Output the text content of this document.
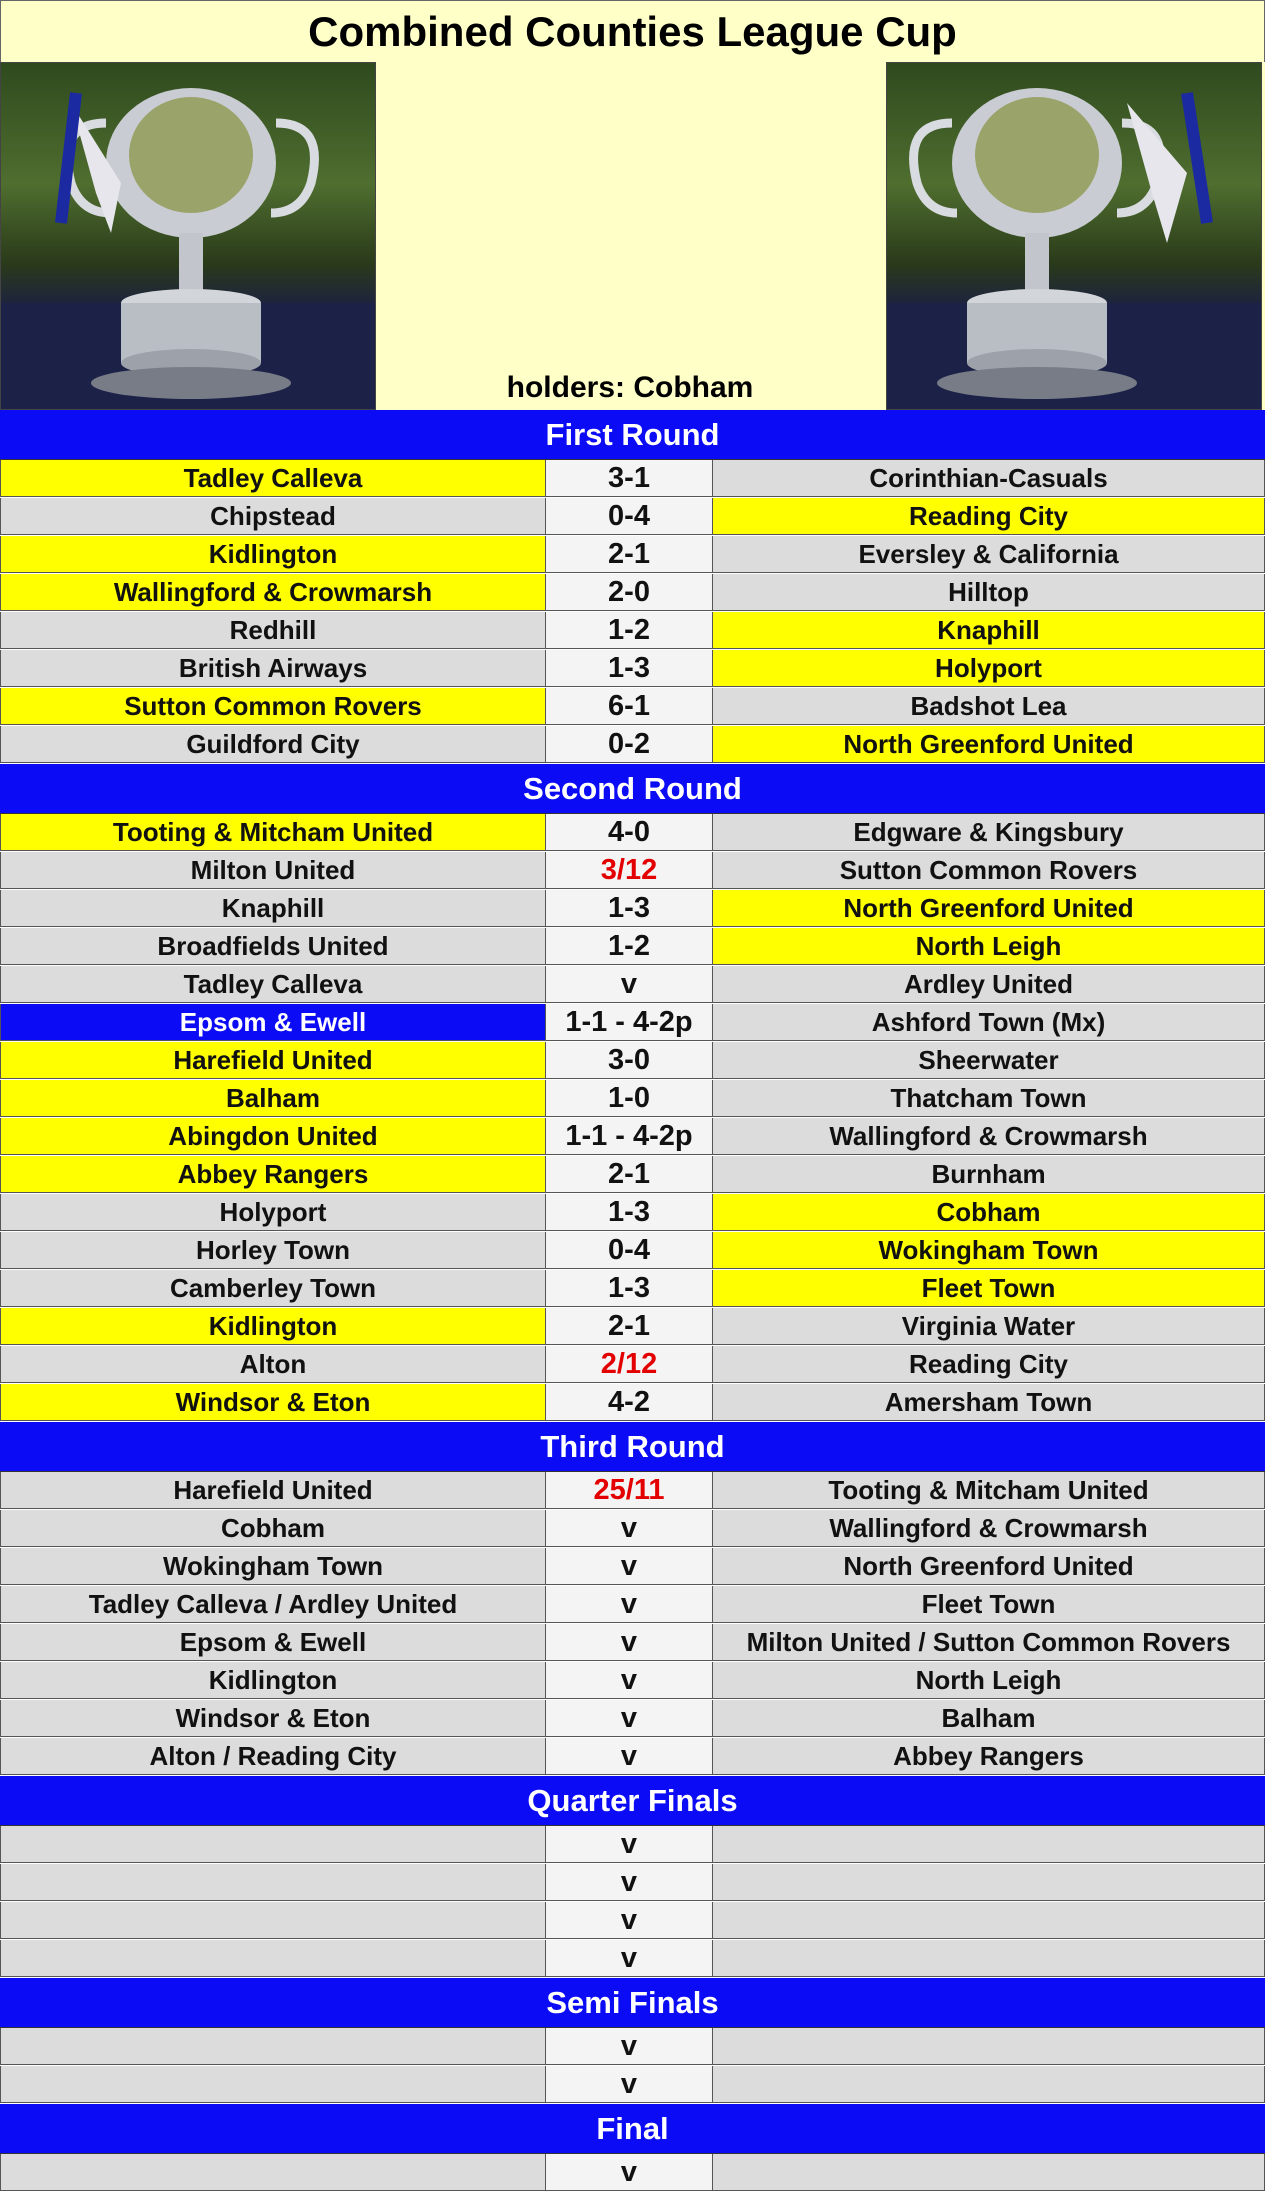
Combined Counties League Cup
holders: Cobham
First Round
Tadley Calleva	3-1	Corinthian-Casuals
Chipstead	0-4	Reading City
Kidlington	2-1	Eversley & California
Wallingford & Crowmarsh	2-0	Hilltop
Redhill	1-2	Knaphill
British Airways	1-3	Holyport
Sutton Common Rovers	6-1	Badshot Lea
Guildford City	0-2	North Greenford United
Second Round
Tooting & Mitcham United	4-0	Edgware & Kingsbury
Milton United	3/12	Sutton Common Rovers
Knaphill	1-3	North Greenford United
Broadfields United	1-2	North Leigh
Tadley Calleva	v	Ardley United
Epsom & Ewell	1-1 - 4-2p	Ashford Town (Mx)
Harefield United	3-0	Sheerwater
Balham	1-0	Thatcham Town
Abingdon United	1-1 - 4-2p	Wallingford & Crowmarsh
Abbey Rangers	2-1	Burnham
Holyport	1-3	Cobham
Horley Town	0-4	Wokingham Town
Camberley Town	1-3	Fleet Town
Kidlington	2-1	Virginia Water
Alton	2/12	Reading City
Windsor & Eton	4-2	Amersham Town
Third Round
Harefield United	25/11	Tooting & Mitcham United
Cobham	v	Wallingford & Crowmarsh
Wokingham Town	v	North Greenford United
Tadley Calleva / Ardley United	v	Fleet Town
Epsom & Ewell	v	Milton United / Sutton Common Rovers
Kidlington	v	North Leigh
Windsor & Eton	v	Balham
Alton / Reading City	v	Abbey Rangers
Quarter Finals
v
v
v
v
Semi Finals
v
v
Final
v
